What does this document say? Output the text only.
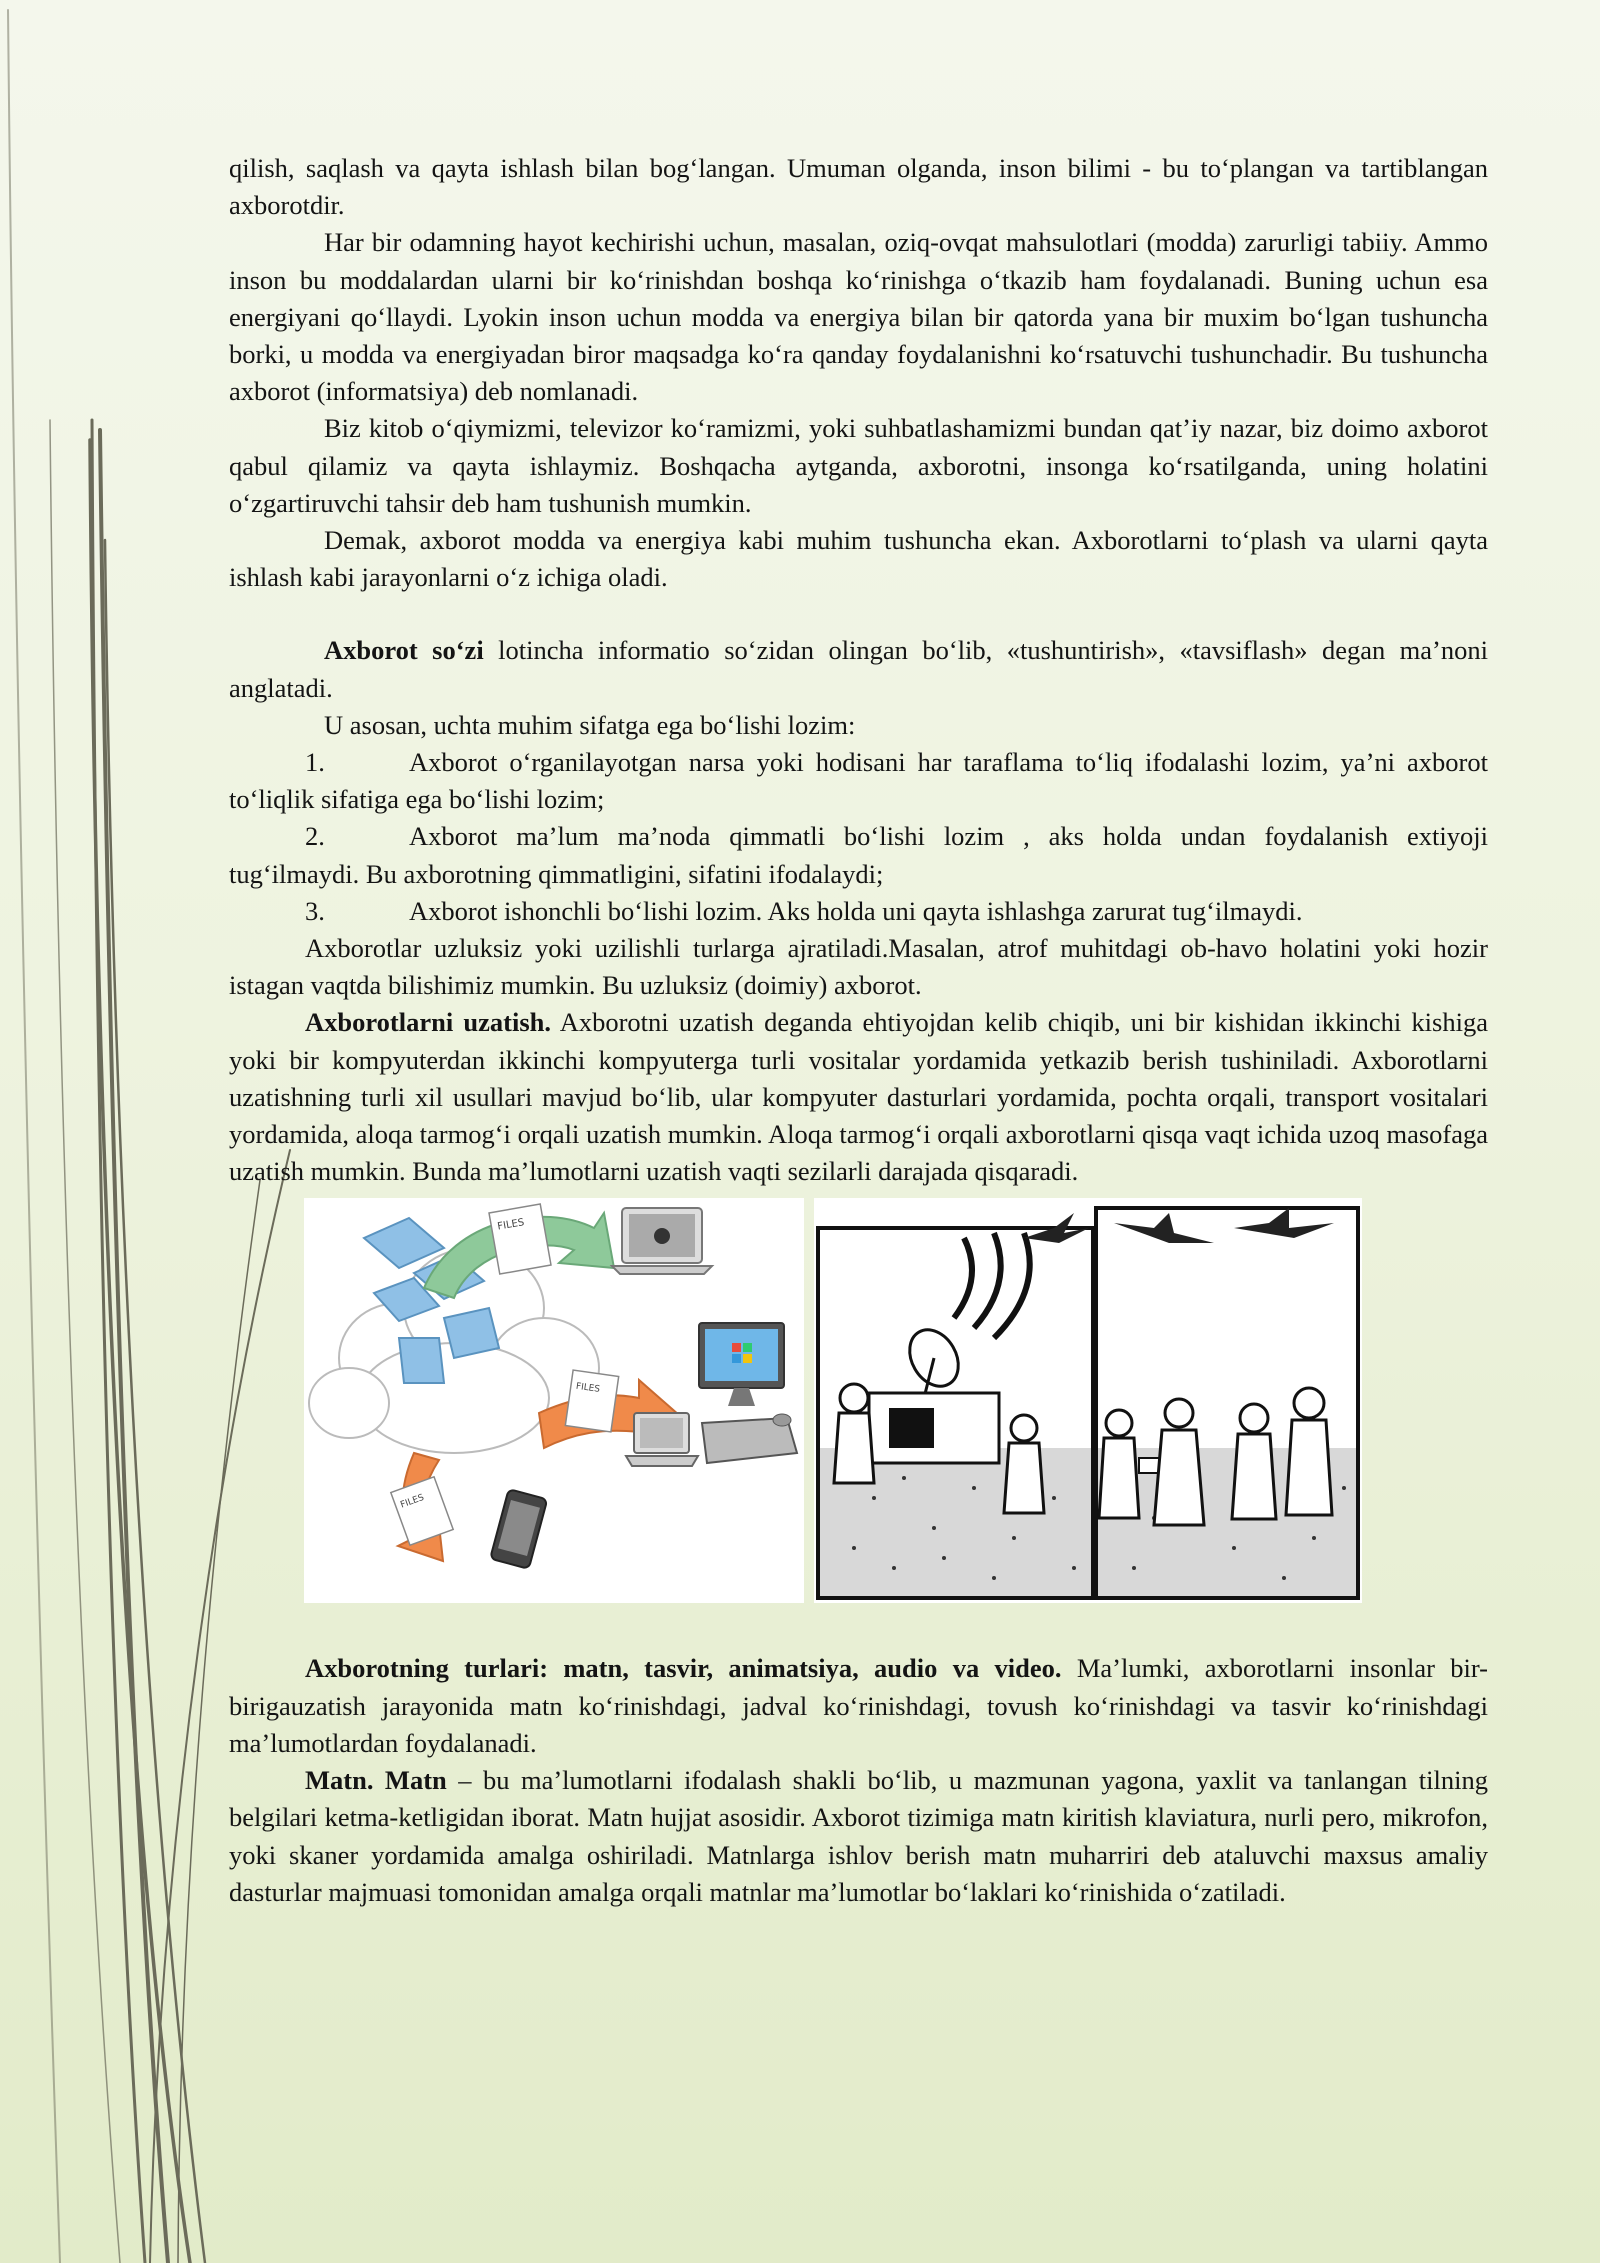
qilish, saqlash va qayta ishlash bilan bog‘langan. Umuman olganda, inson bilimi - bu to‘plangan va tartiblangan axborotdir.

Har bir odamning hayot kechirishi uchun, masalan, oziq-ovqat mahsulotlari (modda) zarurligi tabiiy. Ammo inson bu moddalardan ularni bir ko‘rinishdan boshqa ko‘rinishga o‘tkazib ham foydalanadi. Buning uchun esa energiyani qo‘llaydi. Lyokin inson uchun modda va energiya bilan bir qatorda yana bir muxim bo‘lgan tushuncha borki, u modda va energiyadan biror maqsadga ko‘ra qanday foydalanishni ko‘rsatuvchi tushunchadir. Bu tushuncha axborot (informatsiya) deb nomlanadi.

Biz kitob o‘qiymizmi, televizor ko‘ramizmi, yoki suhbatlashamizmi bundan qat’iy nazar, biz doimo axborot qabul qilamiz va qayta ishlaymiz. Boshqacha aytganda, axborotni, insonga ko‘rsatilganda, uning holatini o‘zgartiruvchi tahsir deb ham tushunish mumkin.

Demak, axborot modda va energiya kabi muhim tushuncha ekan. Axborotlarni to‘plash va ularni qayta ishlash kabi jarayonlarni o‘z ichiga oladi.

Axborot so‘zi lotincha informatio so‘zidan olingan bo‘lib, «tushuntirish», «tavsiflash» degan ma’noni anglatadi.

U asosan, uchta muhim sifatga ega bo‘lishi lozim:

1.	Axborot o‘rganilayotgan narsa yoki hodisani har taraflama to‘liq ifodalashi lozim, ya’ni axborot to‘liqlik sifatiga ega bo‘lishi lozim;

2.	Axborot ma’lum ma’noda qimmatli bo‘lishi lozim , aks holda undan foydalanish extiyoji tug‘ilmaydi. Bu axborotning qimmatligini, sifatini ifodalaydi;

3.	Axborot ishonchli bo‘lishi lozim. Aks holda uni qayta ishlashga zarurat tug‘ilmaydi.

Axborotlar uzluksiz yoki uzilishli turlarga ajratiladi.Masalan, atrof muhitdagi ob-havo holatini yoki hozir istagan vaqtda bilishimiz mumkin. Bu uzluksiz (doimiy) axborot.

Axborotlarni uzatish. Axborotni uzatish deganda ehtiyojdan kelib chiqib, uni bir kishidan ikkinchi kishiga yoki bir kompyuterdan ikkinchi kompyuterga turli vositalar yordamida yetkazib berish tushiniladi. Axborotlarni uzatishning turli xil usullari mavjud bo‘lib, ular kompyuter dasturlari yordamida, pochta orqali, transport vositalari yordamida, aloqa tarmog‘i orqali uzatish mumkin. Aloqa tarmog‘i orqali axborotlarni qisqa vaqt ichida uzoq masofaga uzatish mumkin. Bunda ma’lumotlarni uzatish vaqti sezilarli darajada qisqaradi.

FILES
FILES
FILES

Axborotning turlari: matn, tasvir, animatsiya, audio va video. Ma’lumki, axborotlarni insonlar bir-birigauzatish jarayonida matn ko‘rinishdagi, jadval ko‘rinishdagi, tovush ko‘rinishdagi va tasvir ko‘rinishdagi ma’lumotlardan foydalanadi.

Matn. Matn – bu ma’lumotlarni ifodalash shakli bo‘lib, u mazmunan yagona, yaxlit va tanlangan tilning belgilari ketma-ketligidan iborat. Matn hujjat asosidir. Axborot tizimiga matn kiritish klaviatura, nurli pero, mikrofon, yoki skaner yordamida amalga oshiriladi. Matnlarga ishlov berish matn muharriri deb ataluvchi maxsus amaliy dasturlar majmuasi tomonidan amalga orqali matnlar ma’lumotlar bo‘laklari ko‘rinishida o‘zatiladi.
